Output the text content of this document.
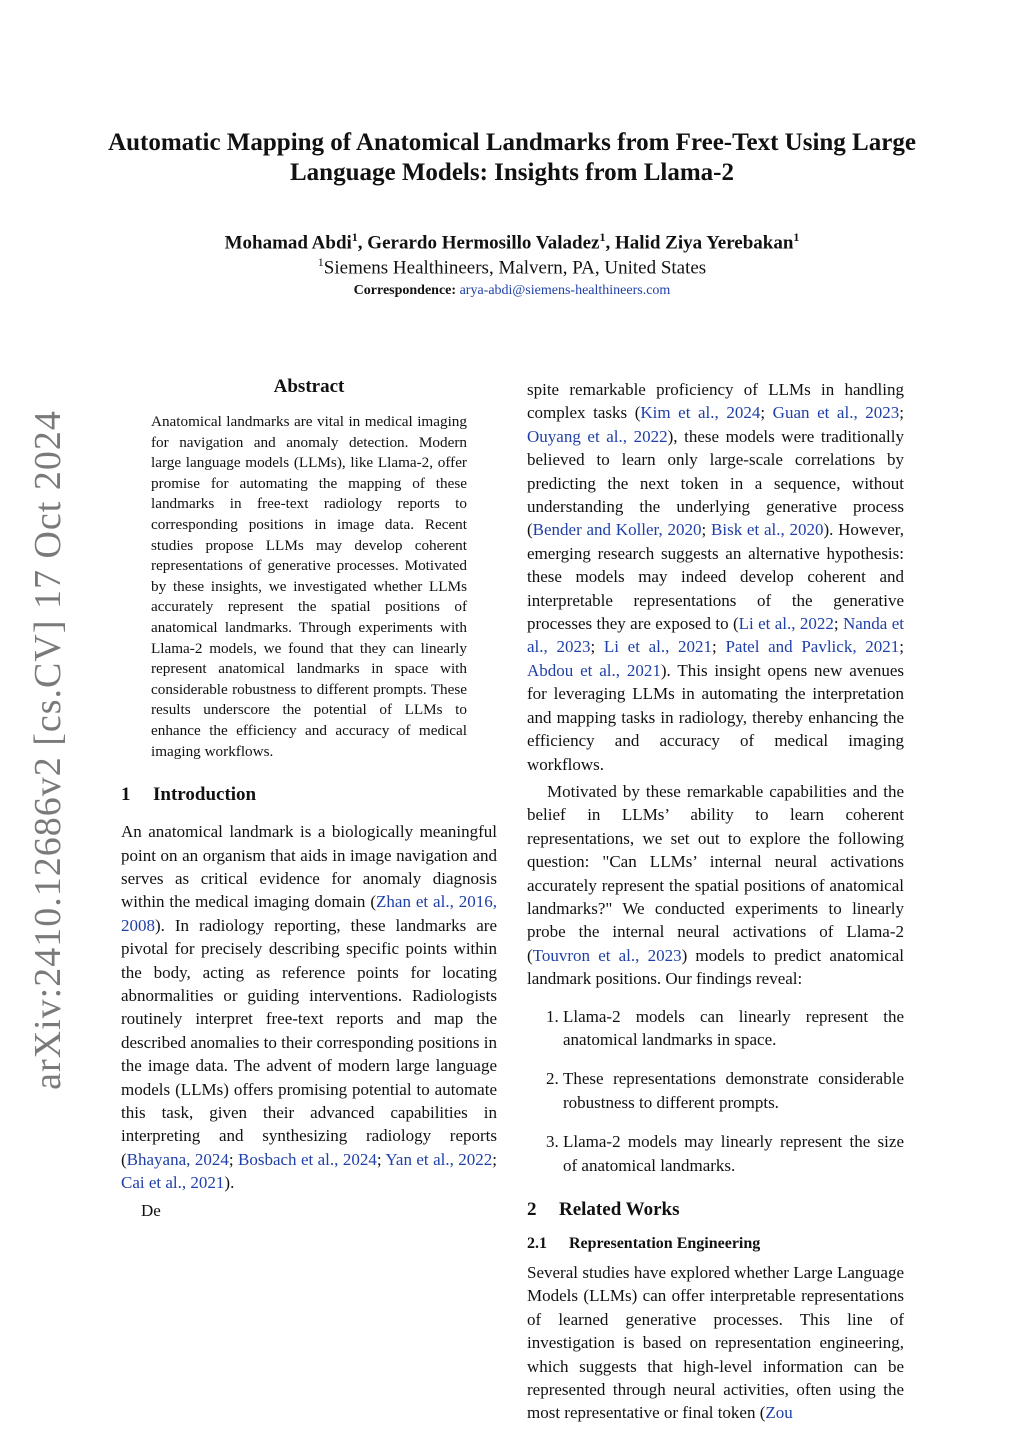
arXiv:2410.12686v2 [cs.CV] 17 Oct 2024
Automatic Mapping of Anatomical Landmarks from Free-Text Using Large
Language Models: Insights from Llama-2
Mohamad Abdi$^1$, Gerardo Hermosillo Valadez$^1$, Halid Ziya Yerebakan$^1$
$^1$Siemens Healthineers, Malvern, PA, United States
Correspondence: arya-abdi@siemens-healthineers.com
Abstract

Anatomical landmarks are vital in medical imaging for navigation and anomaly detection. Modern large language models (LLMs), like Llama-2, offer promise for automating the mapping of these landmarks in free-text radiology reports to corresponding positions in image data. Recent studies propose LLMs may develop coherent representations of generative processes. Motivated by these insights, we investigated whether LLMs accurately represent the spatial positions of anatomical landmarks. Through experiments with Llama-2 models, we found that they can linearly represent anatomical landmarks in space with considerable robustness to different prompts. These results underscore the potential of LLMs to enhance the efficiency and accuracy of medical imaging workflows.

1 Introduction

An anatomical landmark is a biologically meaningful point on an organism that aids in image navigation and serves as critical evidence for anomaly diagnosis within the medical imaging domain (Zhan et al., 2016, 2008). In radiology reporting, these landmarks are pivotal for precisely describing specific points within the body, acting as reference points for locating abnormalities or guiding interventions. Radiologists routinely interpret free-text reports and map the described anomalies to their corresponding positions in the image data. The advent of modern large language models (LLMs) offers promising potential to automate this task, given their advanced capabilities in interpreting and synthesizing radiology reports (Bhayana, 2024; Bosbach et al., 2024; Yan et al., 2022; Cai et al., 2021).

De

spite remarkable proficiency of LLMs in handling complex tasks (Kim et al., 2024; Guan et al., 2023; Ouyang et al., 2022), these models were traditionally believed to learn only large-scale correlations by predicting the next token in a sequence, without understanding the underlying generative process (Bender and Koller, 2020; Bisk et al., 2020). However, emerging research suggests an alternative hypothesis: these models may indeed develop coherent and interpretable representations of the generative processes they are exposed to (Li et al., 2022; Nanda et al., 2023; Li et al., 2021; Patel and Pavlick, 2021; Abdou et al., 2021). This insight opens new avenues for leveraging LLMs in automating the interpretation and mapping tasks in radiology, thereby enhancing the efficiency and accuracy of medical imaging workflows.

Motivated by these remarkable capabilities and the belief in LLMs’ ability to learn coherent representations, we set out to explore the following question: "Can LLMs’ internal neural activations accurately represent the spatial positions of anatomical landmarks?" We conducted experiments to linearly probe the internal neural activations of Llama-2 (Touvron et al., 2023) models to predict anatomical landmark positions. Our findings reveal:

1. Llama-2 models can linearly represent the anatomical landmarks in space.
2. These representations demonstrate considerable robustness to different prompts.
3. Llama-2 models may linearly represent the size of anatomical landmarks.
2 Related Works
2.1 Representation Engineering

Several studies have explored whether Large Language Models (LLMs) can offer interpretable representations of learned generative processes. This line of investigation is based on representation engineering, which suggests that high-level information can be represented through neural activities, often using the most representative or final token (Zou
